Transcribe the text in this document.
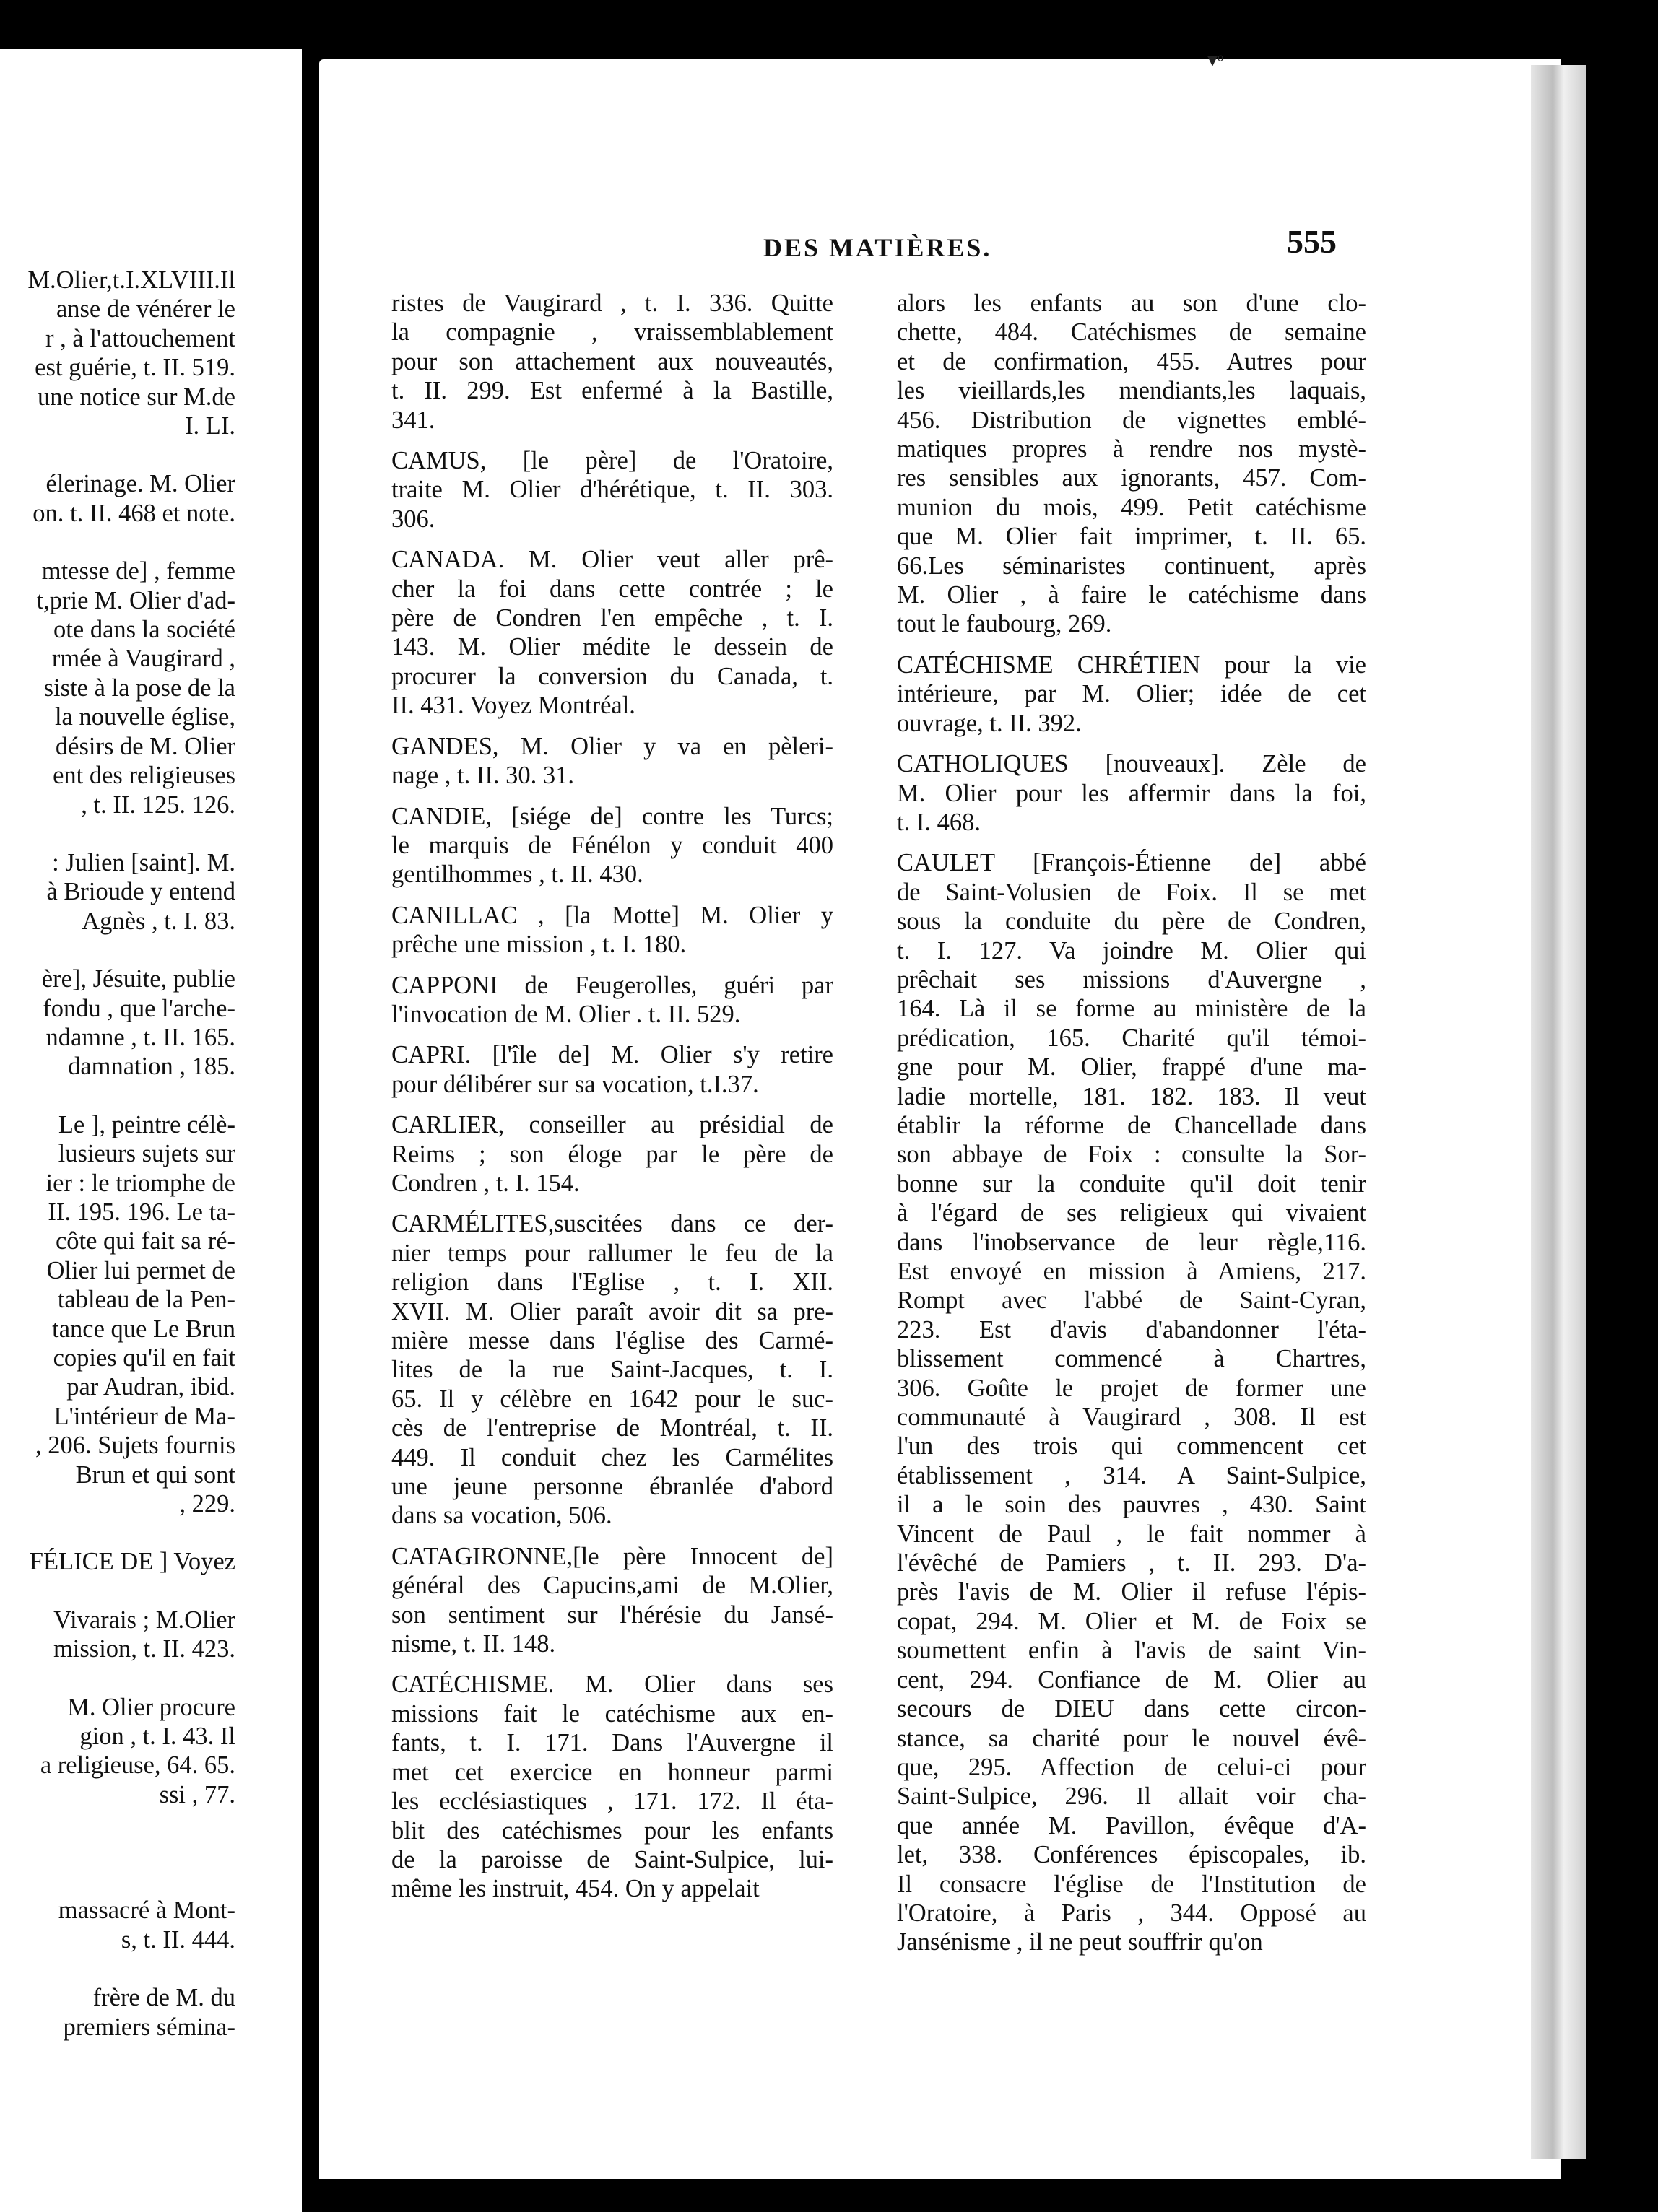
M.Olier,t.I.XLVIII.Il
anse de vénérer le
r , à l'attouchement
est guérie, t. II. 519.
une notice sur M.de
I. LI.
élerinage. M. Olier
on. t. II. 468 et note.
mtesse de] , femme
t,prie M. Olier d'ad-
ote dans la société
rmée à Vaugirard ,
siste à la pose de la
la nouvelle église,
désirs de M. Olier
ent des religieuses
, t. II. 125. 126.
: Julien [saint]. M.
à Brioude y entend
Agnès , t. I. 83.
ère], Jésuite, publie
fondu , que l'arche-
ndamne , t. II. 165.
damnation , 185.
Le ], peintre célè-
lusieurs sujets sur
ier : le triomphe de
II. 195. 196. Le ta-
côte qui fait sa ré-
Olier lui permet de
tableau de la Pen-
tance que Le Brun
copies qu'il en fait
par Audran, ibid.
L'intérieur de Ma-
, 206. Sujets fournis
Brun et qui sont
, 229.
FÉLICE DE ] Voyez
Vivarais ; M.Olier
mission, t. II. 423.
M. Olier procure
gion , t. I. 43. Il
a religieuse, 64. 65.
ssi , 77.
massacré à Mont-
s, t. II. 444.
frère de M. du
premiers sémina-
DES MATIÈRES.	555
ristes de Vaugirard , t. I. 336. Quitte
la compagnie , vraissemblablement
pour son attachement aux nouveautés,
t. II. 299. Est enfermé à la Bastille,
341.
CAMUS, [le père] de l'Oratoire,
traite M. Olier d'hérétique, t. II. 303.
306.
CANADA. M. Olier veut aller prê-
cher la foi dans cette contrée ; le
père de Condren l'en empêche , t. I.
143. M. Olier médite le dessein de
procurer la conversion du Canada, t.
II. 431. Voyez Montréal.
GANDES, M. Olier y va en pèleri-
nage , t. II. 30. 31.
CANDIE, [siége de] contre les Turcs;
le marquis de Fénélon y conduit 400
gentilhommes , t. II. 430.
CANILLAC , [la Motte] M. Olier y
prêche une mission , t. I. 180.
CAPPONI de Feugerolles, guéri par
l'invocation de M. Olier . t. II. 529.
CAPRI. [l'île de] M. Olier s'y retire
pour délibérer sur sa vocation, t.I.37.
CARLIER, conseiller au présidial de
Reims ; son éloge par le père de
Condren , t. I. 154.
CARMÉLITES,suscitées dans ce der-
nier temps pour rallumer le feu de la
religion dans l'Eglise , t. I. XII.
XVII. M. Olier paraît avoir dit sa pre-
mière messe dans l'église des Carmé-
lites de la rue Saint-Jacques, t. I.
65. Il y célèbre en 1642 pour le suc-
cès de l'entreprise de Montréal, t. II.
449. Il conduit chez les Carmélites
une jeune personne ébranlée d'abord
dans sa vocation, 506.
CATAGIRONNE,[le père Innocent de]
général des Capucins,ami de M.Olier,
son sentiment sur l'hérésie du Jansé-
nisme, t. II. 148.
CATÉCHISME. M. Olier dans ses
missions fait le catéchisme aux en-
fants, t. I. 171. Dans l'Auvergne il
met cet exercice en honneur parmi
les ecclésiastiques , 171. 172. Il éta-
blit des catéchismes pour les enfants
de la paroisse de Saint-Sulpice, lui-
même les instruit, 454. On y appelait
alors les enfants au son d'une clo-
chette, 484. Catéchismes de semaine
et de confirmation, 455. Autres pour
les vieillards,les mendiants,les laquais,
456. Distribution de vignettes emblé-
matiques propres à rendre nos mystè-
res sensibles aux ignorants, 457. Com-
munion du mois, 499. Petit catéchisme
que M. Olier fait imprimer, t. II. 65.
66.Les séminaristes continuent, après
M. Olier , à faire le catéchisme dans
tout le faubourg, 269.
CATÉCHISME CHRÉTIEN pour la vie
intérieure, par M. Olier; idée de cet
ouvrage, t. II. 392.
CATHOLIQUES [nouveaux]. Zèle de
M. Olier pour les affermir dans la foi,
t. I. 468.
CAULET [François-Étienne de] abbé
de Saint-Volusien de Foix. Il se met
sous la conduite du père de Condren,
t. I. 127. Va joindre M. Olier qui
prêchait ses missions d'Auvergne ,
164. Là il se forme au ministère de la
prédication, 165. Charité qu'il témoi-
gne pour M. Olier, frappé d'une ma-
ladie mortelle, 181. 182. 183. Il veut
établir la réforme de Chancellade dans
son abbaye de Foix : consulte la Sor-
bonne sur la conduite qu'il doit tenir
à l'égard de ses religieux qui vivaient
dans l'inobservance de leur règle,116.
Est envoyé en mission à Amiens, 217.
Rompt avec l'abbé de Saint-Cyran,
223. Est d'avis d'abandonner l'éta-
blissement commencé à Chartres,
306. Goûte le projet de former une
communauté à Vaugirard , 308. Il est
l'un des trois qui commencent cet
établissement , 314. A Saint-Sulpice,
il a le soin des pauvres , 430. Saint
Vincent de Paul , le fait nommer à
l'évêché de Pamiers , t. II. 293. D'a-
près l'avis de M. Olier il refuse l'épis-
copat, 294. M. Olier et M. de Foix se
soumettent enfin à l'avis de saint Vin-
cent, 294. Confiance de M. Olier au
secours de DIEU dans cette circon-
stance, sa charité pour le nouvel évê-
que, 295. Affection de celui-ci pour
Saint-Sulpice, 296. Il allait voir cha-
que année M. Pavillon, évêque d'A-
let, 338. Conférences épiscopales, ib.
Il consacre l'église de l'Institution de
l'Oratoire, à Paris , 344. Opposé au
Jansénisme , il ne peut souffrir qu'on
▾ᵒ
